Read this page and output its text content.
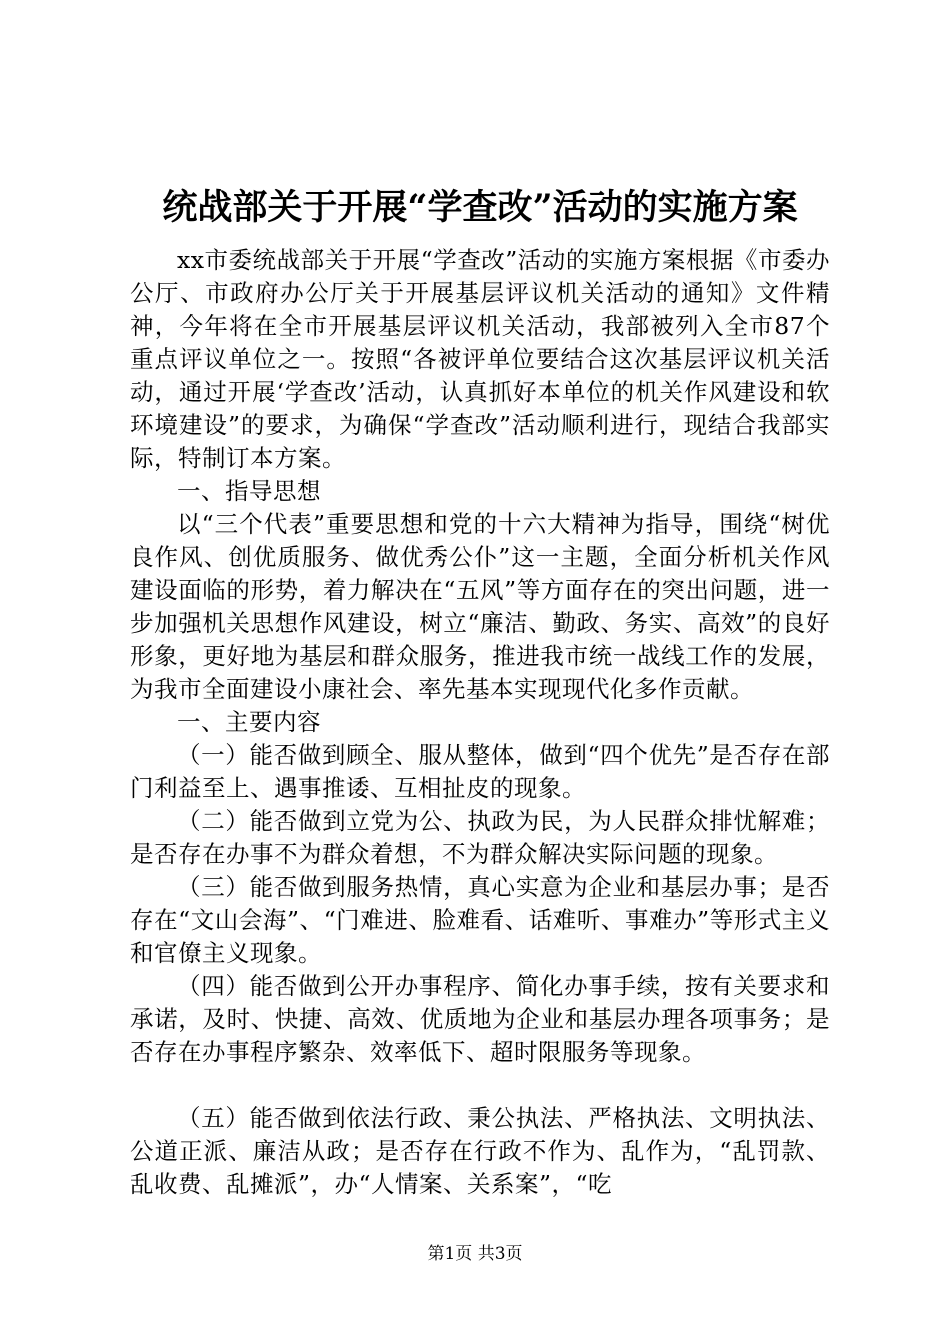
统战部关于开展“学查改”活动的实施方案

xx市委统战部关于开展“学查改”活动的实施方案根据《市委办公厅、市政府办公厅关于开展基层评议机关活动的通知》文件精神，今年将在全市开展基层评议机关活动，我部被列入全市87个重点评议单位之一。按照“各被评单位要结合这次基层评议机关活动，通过开展‘学查改’活动，认真抓好本单位的机关作风建设和软环境建设”的要求，为确保“学查改”活动顺利进行，现结合我部实际，特制订本方案。

一、指导思想

以“三个代表”重要思想和党的十六大精神为指导，围绕“树优良作风、创优质服务、做优秀公仆”这一主题，全面分析机关作风建设面临的形势，着力解决在“五风”等方面存在的突出问题，进一步加强机关思想作风建设，树立“廉洁、勤政、务实、高效”的良好形象，更好地为基层和群众服务，推进我市统一战线工作的发展，为我市全面建设小康社会、率先基本实现现代化多作贡献。

一、主要内容

（一）能否做到顾全、服从整体，做到“四个优先”是否存在部门利益至上、遇事推诿、互相扯皮的现象。

（二）能否做到立党为公、执政为民，为人民群众排忧解难；是否存在办事不为群众着想，不为群众解决实际问题的现象。

（三）能否做到服务热情，真心实意为企业和基层办事；是否存在“文山会海”、“门难进、脸难看、话难听、事难办”等形式主义和官僚主义现象。

（四）能否做到公开办事程序、简化办事手续，按有关要求和承诺，及时、快捷、高效、优质地为企业和基层办理各项事务；是否存在办事程序繁杂、效率低下、超时限服务等现象。

（五）能否做到依法行政、秉公执法、严格执法、文明执法、公道正派、廉洁从政；是否存在行政不作为、乱作为，“乱罚款、乱收费、乱摊派”，办“人情案、关系案”，“吃

第1页 共3页
